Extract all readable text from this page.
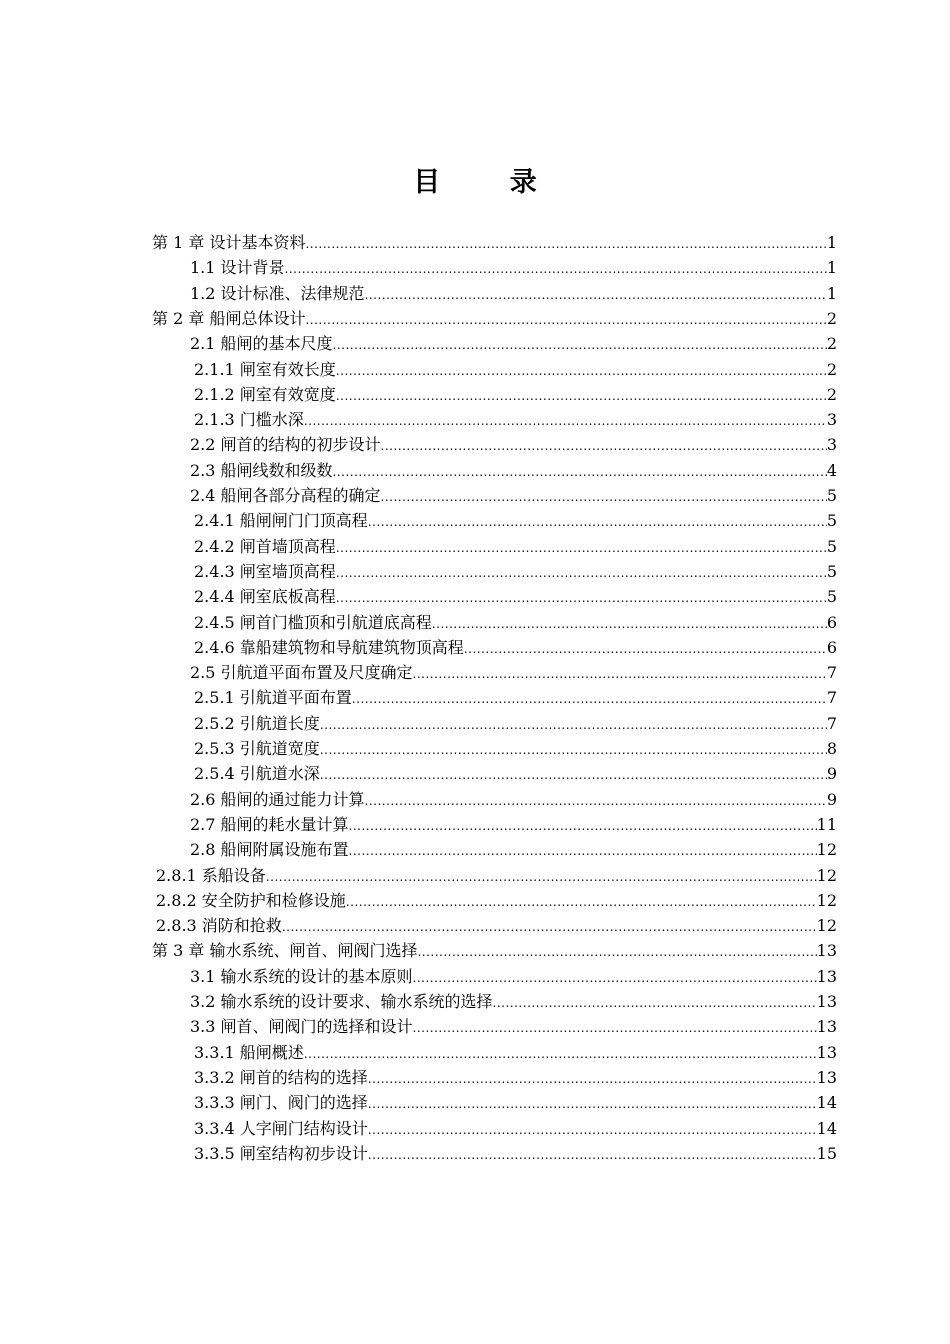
目 录
第 1 章 设计基本资料 .....	1
1.1 设计背景 .....	1
1.2 设计标准、法律规范 .....	1
第 2 章 船闸总体设计 .....	2
2.1 船闸的基本尺度 .....	2
2.1.1 闸室有效长度 .....	2
2.1.2 闸室有效宽度 .....	2
2.1.3 门槛水深 .....	3
2.2 闸首的结构的初步设计 .....	3
2.3 船闸线数和级数 .....	4
2.4 船闸各部分高程的确定 .....	5
2.4.1 船闸闸门门顶高程 .....	5
2.4.2 闸首墙顶高程 .....	5
2.4.3 闸室墙顶高程 .....	5
2.4.4 闸室底板高程 .....	5
2.4.5 闸首门槛顶和引航道底高程 .....	6
2.4.6 靠船建筑物和导航建筑物顶高程 .....	6
2.5 引航道平面布置及尺度确定 .....	7
2.5.1 引航道平面布置 .....	7
2.5.2 引航道长度 .....	7
2.5.3 引航道宽度 .....	8
2.5.4 引航道水深 .....	9
2.6 船闸的通过能力计算 .....	9
2.7 船闸的耗水量计算 .....	11
2.8 船闸附属设施布置 .....	12
2.8.1 系船设备 .....	12
2.8.2 安全防护和检修设施 .....	12
2.8.3 消防和抢救 .....	12
第 3 章 输水系统、闸首、闸阀门选择 .....	13
3.1 输水系统的设计的基本原则 .....	13
3.2 输水系统的设计要求、输水系统的选择 .....	13
3.3 闸首、闸阀门的选择和设计 .....	13
3.3.1 船闸概述 .....	13
3.3.2 闸首的结构的选择 .....	13
3.3.3 闸门、阀门的选择 .....	14
3.3.4 人字闸门结构设计 .....	14
3.3.5 闸室结构初步设计 .....	15
